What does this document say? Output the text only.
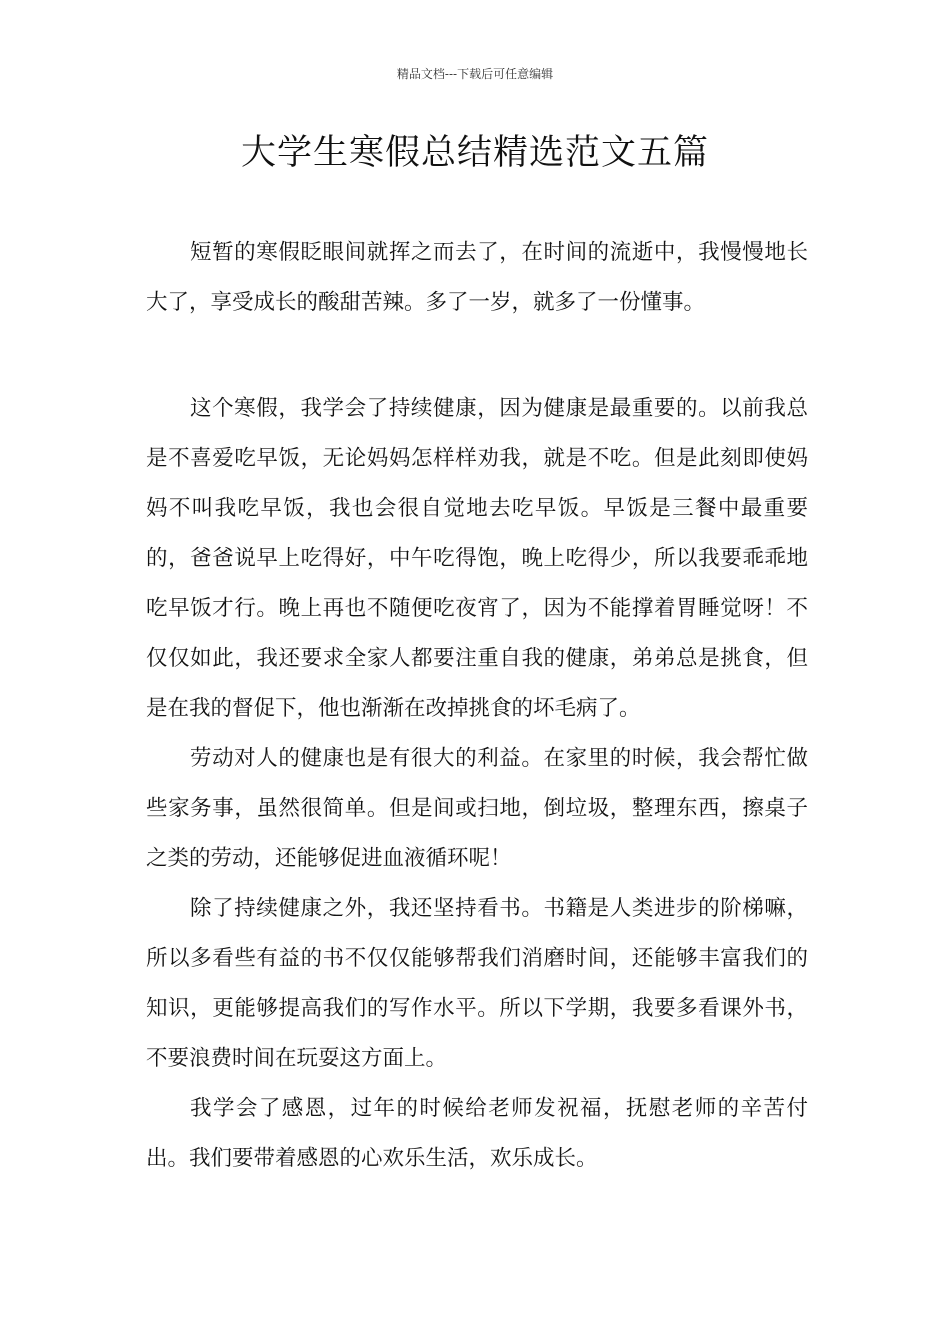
精品文档---下载后可任意编辑
大学生寒假总结精选范文五篇

短暂的寒假眨眼间就挥之而去了，在时间的流逝中，我慢慢地长大了，享受成长的酸甜苦辣。多了一岁，就多了一份懂事。

这个寒假，我学会了持续健康，因为健康是最重要的。以前我总是不喜爱吃早饭，无论妈妈怎样样劝我，就是不吃。但是此刻即使妈妈不叫我吃早饭，我也会很自觉地去吃早饭。早饭是三餐中最重要的，爸爸说早上吃得好，中午吃得饱，晚上吃得少，所以我要乖乖地吃早饭才行。晚上再也不随便吃夜宵了，因为不能撑着胃睡觉呀！不仅仅如此，我还要求全家人都要注重自我的健康，弟弟总是挑食，但是在我的督促下，他也渐渐在改掉挑食的坏毛病了。

劳动对人的健康也是有很大的利益。在家里的时候，我会帮忙做些家务事，虽然很简单。但是间或扫地，倒垃圾，整理东西，擦桌子之类的劳动，还能够促进血液循环呢！

除了持续健康之外，我还坚持看书。书籍是人类进步的阶梯嘛，所以多看些有益的书不仅仅能够帮我们消磨时间，还能够丰富我们的知识，更能够提高我们的写作水平。所以下学期，我要多看课外书，不要浪费时间在玩耍这方面上。

我学会了感恩，过年的时候给老师发祝福，抚慰老师的辛苦付出。我们要带着感恩的心欢乐生活，欢乐成长。
